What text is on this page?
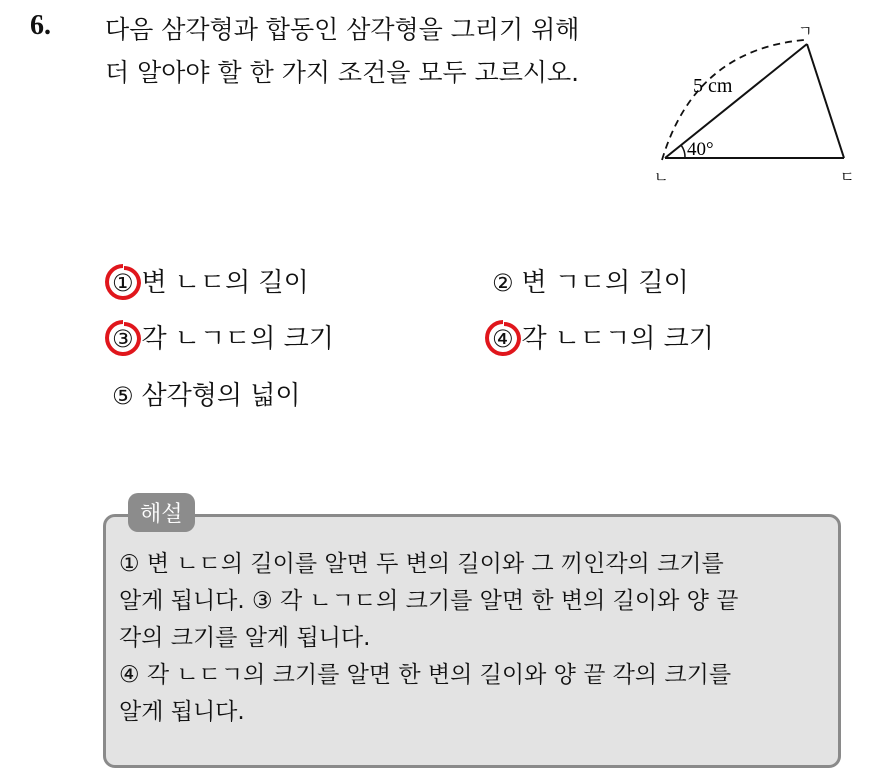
6. 다음 삼각형과 합동인 삼각형을 그리기 위해
더 알아야 할 한 가지 조건을 모두 고르시오.
ㄱ
ㄴ	ㄷ
5 cm
40°
① 변 ㄴㄷ의 길이	② 변 ㄱㄷ의 길이
③ 각 ㄴㄱㄷ의 크기	④ 각 ㄴㄷㄱ의 크기
⑤ 삼각형의 넓이
해설
① 변 ㄴㄷ의 길이를 알면 두 변의 길이와 그 끼인각의 크기를
알게 됩니다. ③ 각 ㄴㄱㄷ의 크기를 알면 한 변의 길이와 양 끝
각의 크기를 알게 됩니다.
④ 각 ㄴㄷㄱ의 크기를 알면 한 변의 길이와 양 끝 각의 크기를
알게 됩니다.
